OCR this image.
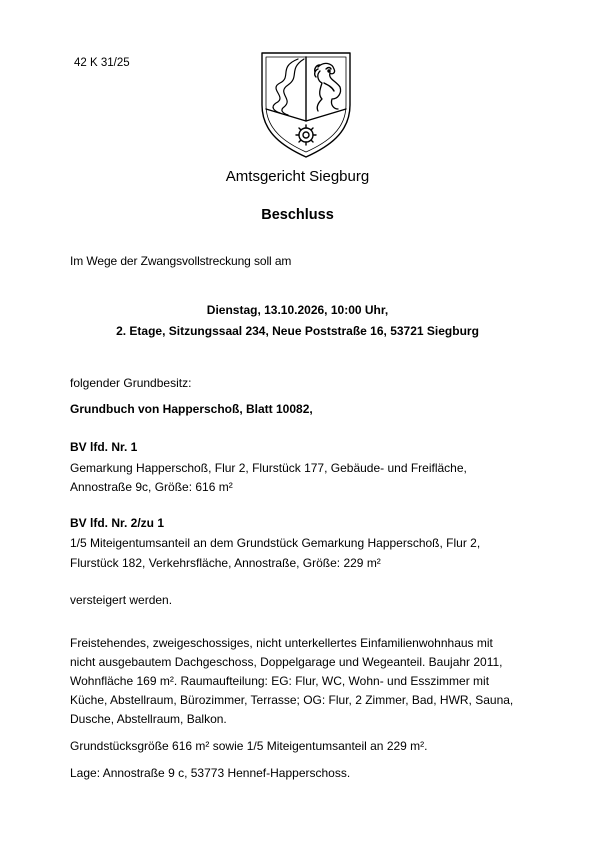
42 K 31/25
Amtsgericht Siegburg
Beschluss
Im Wege der Zwangsvollstreckung soll am
Dienstag, 13.10.2026, 10:00 Uhr,
2. Etage, Sitzungssaal 234, Neue Poststraße 16, 53721 Siegburg
folgender Grundbesitz:
Grundbuch von Happerschoß, Blatt 10082,
BV lfd. Nr. 1
Gemarkung Happerschoß, Flur 2, Flurstück 177, Gebäude- und Freifläche,
Annostraße 9c, Größe: 616 m²
BV lfd. Nr. 2/zu 1
1/5 Miteigentumsanteil an dem Grundstück Gemarkung Happerschoß, Flur 2,
Flurstück 182, Verkehrsfläche, Annostraße, Größe: 229 m²
versteigert werden.
Freistehendes, zweigeschossiges, nicht unterkellertes Einfamilienwohnhaus mit
nicht ausgebautem Dachgeschoss, Doppelgarage und Wegeanteil. Baujahr 2011,
Wohnfläche 169 m². Raumaufteilung: EG: Flur, WC, Wohn- und Esszimmer mit
Küche, Abstellraum, Bürozimmer, Terrasse; OG: Flur, 2 Zimmer, Bad, HWR, Sauna,
Dusche, Abstellraum, Balkon.
Grundstücksgröße 616 m² sowie 1/5 Miteigentumsanteil an 229 m².
Lage: Annostraße 9 c, 53773 Hennef-Happerschoss.
